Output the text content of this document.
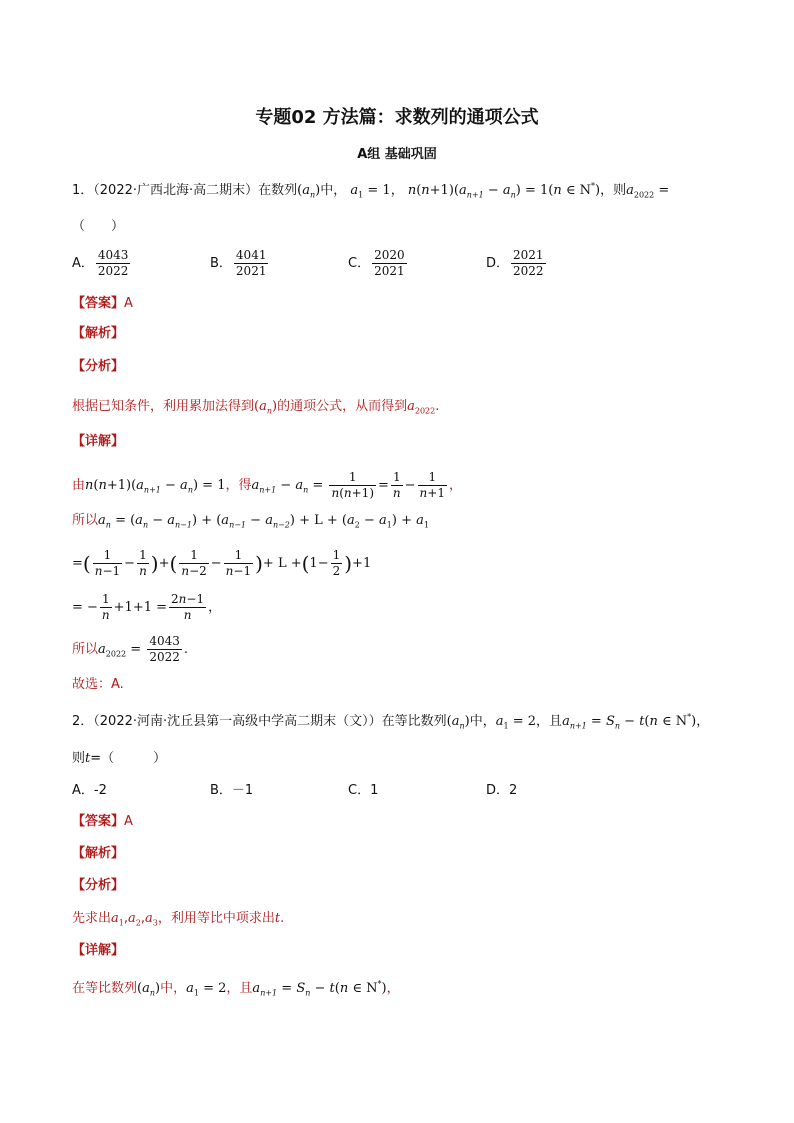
专题02 方法篇：求数列的通项公式
A组 基础巩固
1．（2022·广西北海·高二期末）在数列$(a_n)$中， $a_1 = 1$， $n(n+1)(a_{n+1} - a_n) = 1(n$ ∈ N*)，则$a_{2022}$ =
（　　）
A． $\frac{4043}{2022}$	B． $\frac{4041}{2021}$	C． $\frac{2020}{2021}$	D． $\frac{2021}{2022}$
【答案】A
【解析】
【分析】
根据已知条件，利用累加法得到$(a_n)$的通项公式，从而得到$a_{2022}$.
【详解】
由$n(n+1)(a_{n+1} - a_n) = 1$，得$a_{n+1} - a_n = \frac{1}{n(n+1)} = \frac{1}{n} - \frac{1}{n+1}$ ，
所以$a_n = (a_n - a_{n-1}) + (a_{n-1} - a_{n-2}) + L + (a_2 - a_1) + a_1$
=( $\frac{1}{n-1} - \frac{1}{n}$ )+( $\frac{1}{n-2} - \frac{1}{n-1}$ )+ $L +(1- \frac{1}{2} )+1$
= − $\frac{1}{n} +1+1 = \frac{2n-1}{n}$ ，
所以$a_{2022} = \frac{4043}{2022}$ .
故选：A.
2．（2022·河南·沈丘县第一高级中学高二期末（文））在等比数列$(a_n)$中，$a_1 = 2$，且$a_{n+1} = S_n - t(n$ ∈ N*)，
则t=（　　　）
A．-2	B．－1	C．1	D．2
【答案】A
【解析】
【分析】
先求出$a_1,a_2,a_3$，利用等比中项求出t.
【详解】
在等比数列$(a_n)$中，$a_1 = 2$，且$a_{n+1} = S_n - t(n$ ∈ N*)，
